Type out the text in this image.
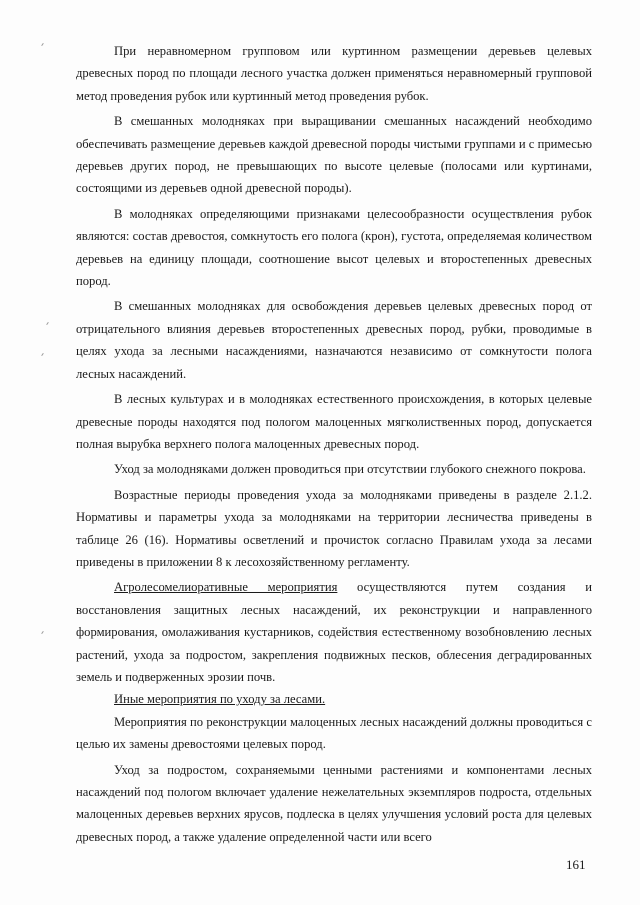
При неравномерном групповом или куртинном размещении деревьев целевых древесных пород по площади лесного участка должен применяться неравномерный групповой метод проведения рубок или куртинный метод проведения рубок.

В смешанных молодняках при выращивании смешанных насаждений необходимо обеспечивать размещение деревьев каждой древесной породы чистыми группами и с примесью деревьев других пород, не превышающих по высоте целевые (полосами или куртинами, состоящими из деревьев одной древесной породы).

В молодняках определяющими признаками целесообразности осуществления рубок являются: состав древостоя, сомкнутость его полога (крон), густота, определяемая количеством деревьев на единицу площади, соотношение высот целевых и второстепенных древесных пород.

В смешанных молодняках для освобождения деревьев целевых древесных пород от отрицательного влияния деревьев второстепенных древесных пород, рубки, проводимые в целях ухода за лесными насаждениями, назначаются независимо от сомкнутости полога лесных насаждений.

В лесных культурах и в молодняках естественного происхождения, в которых целевые древесные породы находятся под пологом малоценных мягколиственных пород, допускается полная вырубка верхнего полога малоценных древесных пород.

Уход за молодняками должен проводиться при отсутствии глубокого снежного покрова.

Возрастные периоды проведения ухода за молодняками приведены в разделе 2.1.2. Нормативы и параметры ухода за молодняками на территории лесничества приведены в таблице 26 (16). Нормативы осветлений и прочисток согласно Правилам ухода за лесами приведены в приложении 8 к лесохозяйственному регламенту.

Агролесомелиоративные мероприятия осуществляются путем создания и восстановления защитных лесных насаждений, их реконструкции и направленного формирования, омолаживания кустарников, содействия естественному возобновлению лесных растений, ухода за подростом, закрепления подвижных песков, облесения деградированных земель и подверженных эрозии почв.

Иные мероприятия по уходу за лесами.

Мероприятия по реконструкции малоценных лесных насаждений должны проводиться с целью их замены древостоями целевых пород.

Уход за подростом, сохраняемыми ценными растениями и компонентами лесных насаждений под пологом включает удаление нежелательных экземпляров подроста, отдельных малоценных деревьев верхних ярусов, подлеска в целях улучшения условий роста для целевых древесных пород, а также удаление определенной части или всего

161
